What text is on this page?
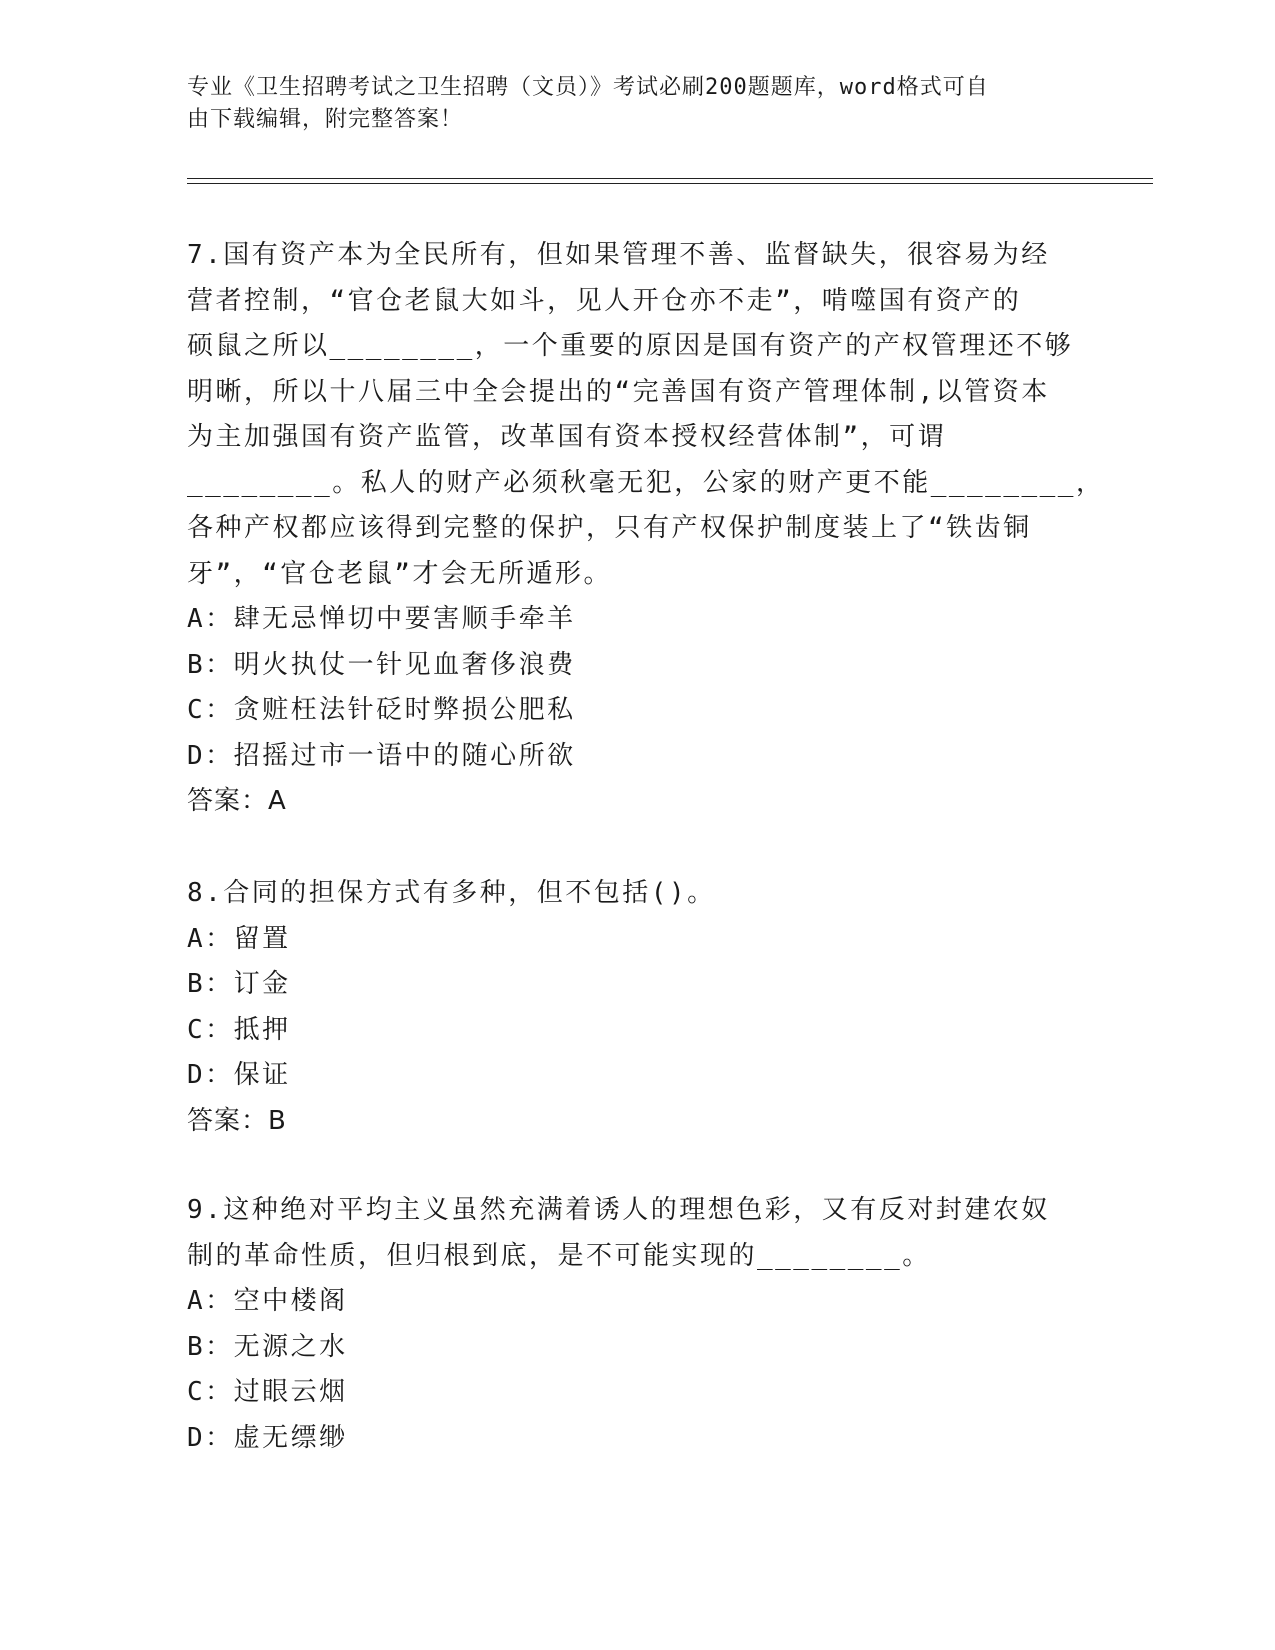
专业《卫生招聘考试之卫生招聘（文员）》考试必刷200题题库，word格式可自
由下载编辑，附完整答案！
7.国有资产本为全民所有，但如果管理不善、监督缺失，很容易为经
营者控制，“官仓老鼠大如斗，见人开仓亦不走”，啃噬国有资产的
硕鼠之所以________，一个重要的原因是国有资产的产权管理还不够
明晰，所以十八届三中全会提出的“完善国有资产管理体制,以管资本
为主加强国有资产监管，改革国有资本授权经营体制”，可谓
________。私人的财产必须秋毫无犯，公家的财产更不能________，
各种产权都应该得到完整的保护，只有产权保护制度装上了“铁齿铜
牙”，“官仓老鼠”才会无所遁形。
A：肆无忌惮切中要害顺手牵羊
B：明火执仗一针见血奢侈浪费
C：贪赃枉法针砭时弊损公肥私
D：招摇过市一语中的随心所欲
答案：A
8.合同的担保方式有多种，但不包括()。
A：留置
B：订金
C：抵押
D：保证
答案：B
9.这种绝对平均主义虽然充满着诱人的理想色彩，又有反对封建农奴
制的革命性质，但归根到底，是不可能实现的________。
A：空中楼阁
B：无源之水
C：过眼云烟
D：虚无缥缈
